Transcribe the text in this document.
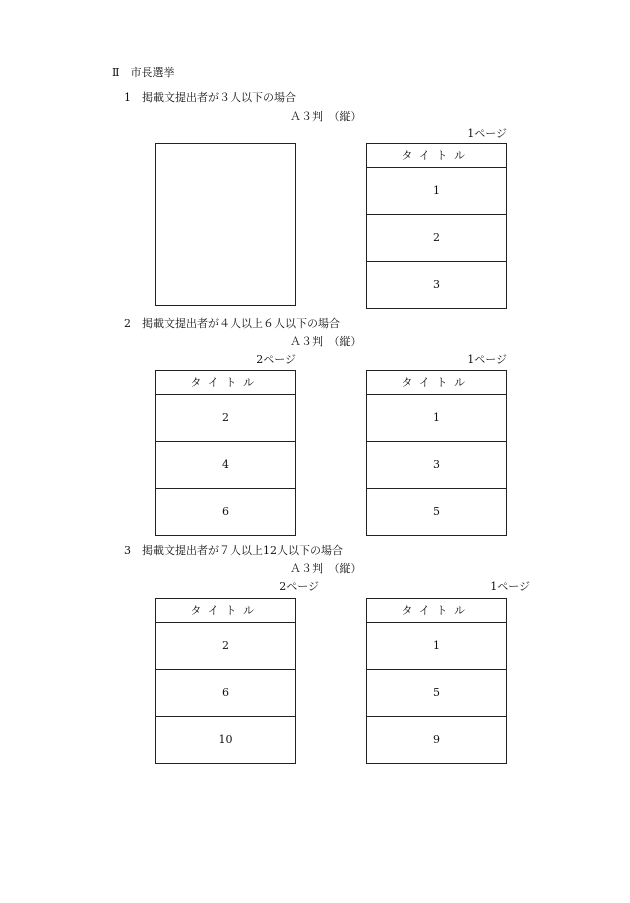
Ⅱ　市長選挙
1　掲載文提出者が３人以下の場合
Ａ３判　（縦）
1ページ
タイトル
1
2
3
2　掲載文提出者が４人以上６人以下の場合
Ａ３判　（縦）
2ページ	1ページ
タイトル
2
4
6
タイトル
1
3
5
3　掲載文提出者が７人以上12人以下の場合
Ａ３判　（縦）
2ページ	1ページ
タイトル
2
6
10
タイトル
1
5
9
